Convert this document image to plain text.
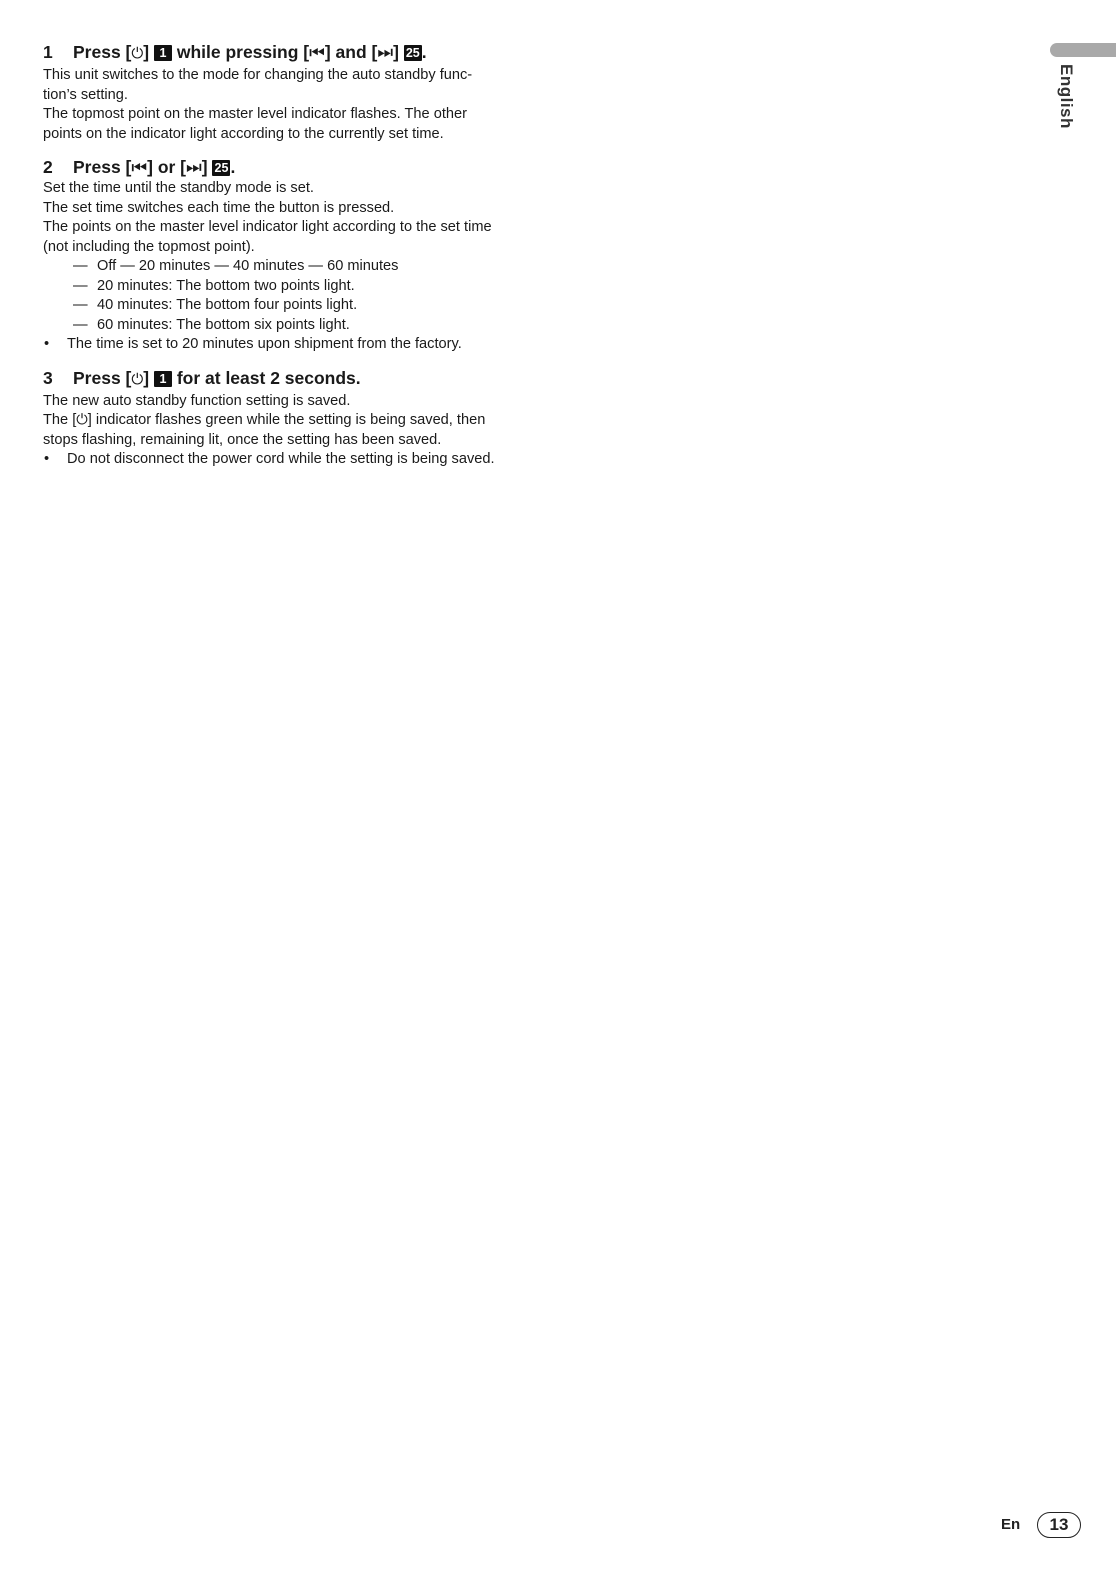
English
1 Press [⏻] 1 while pressing [⏮] and [⏭] 25 .

This unit switches to the mode for changing the auto standby func-

tion’s setting.

The topmost point on the master level indicator flashes. The other

points on the indicator light according to the currently set time.

2 Press [⏮] or [⏭] 25 .

Set the time until the standby mode is set.

The set time switches each time the button is pressed.

The points on the master level indicator light according to the set time

(not including the topmost point).

— Off — 20 minutes — 40 minutes — 60 minutes

— 20 minutes: The bottom two points light.

— 40 minutes: The bottom four points light.

— 60 minutes: The bottom six points light.

• The time is set to 20 minutes upon shipment from the factory.

3 Press [⏻] 1 for at least 2 seconds.

The new auto standby function setting is saved.

The [⏻] indicator flashes green while the setting is being saved, then

stops flashing, remaining lit, once the setting has been saved.

• Do not disconnect the power cord while the setting is being saved.

En	13
